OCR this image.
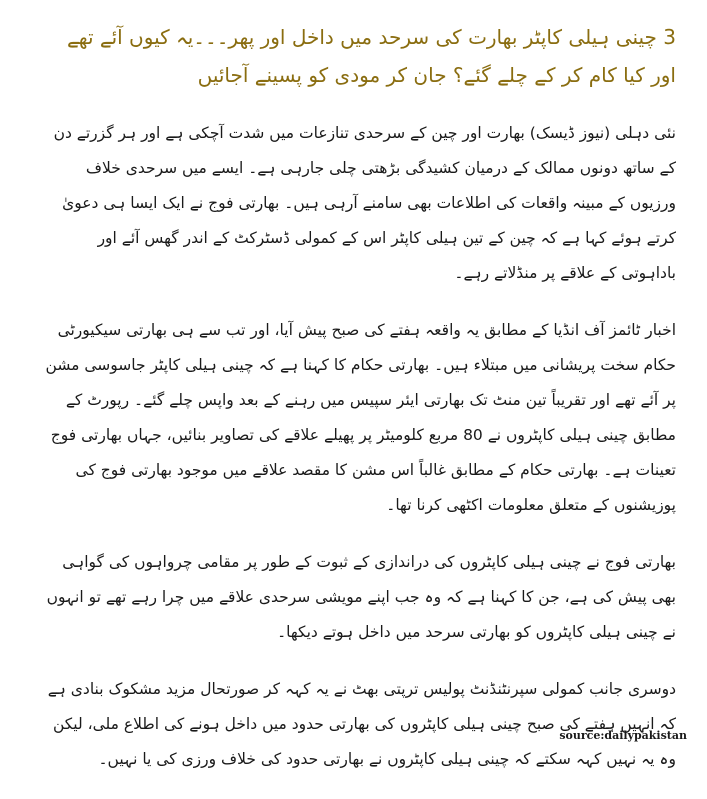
3 چینی ہیلی کاپٹر بھارت کی سرحد میں داخل اور پھر۔۔۔یہ کیوں آئے تھے اور کیا کام کر کے چلے گئے؟ جان کر مودی کو پسینے آجائیں

نئی دہلی (نیوز ڈیسک) بھارت اور چین کے سرحدی تنازعات میں شدت آچکی ہے اور ہر گزرتے دن کے ساتھ دونوں ممالک کے درمیان کشیدگی بڑھتی چلی جارہی ہے۔ ایسے میں سرحدی خلاف ورزیوں کے مبینہ واقعات کی اطلاعات بھی سامنے آرہی ہیں۔ بھارتی فوج نے ایک ایسا ہی دعویٰ کرتے ہوئے کہا ہے کہ چین کے تین ہیلی کاپٹر اس کے کمولی ڈسٹرکٹ کے اندر گھس آئے اور باداہوتی کے علاقے پر منڈلاتے رہے۔

اخبار ٹائمز آف انڈیا کے مطابق یہ واقعہ ہفتے کی صبح پیش آیا، اور تب سے ہی بھارتی سیکیورٹی حکام سخت پریشانی میں مبتلاء ہیں۔ بھارتی حکام کا کہنا ہے کہ چینی ہیلی کاپٹر جاسوسی مشن پر آئے تھے اور تقریباً تین منٹ تک بھارتی ایئر سپیس میں رہنے کے بعد واپس چلے گئے۔ رپورٹ کے مطابق چینی ہیلی کاپٹروں نے 80 مربع کلومیٹر پر پھیلے علاقے کی تصاویر بنائیں، جہاں بھارتی فوج تعینات ہے۔ بھارتی حکام کے مطابق غالباً اس مشن کا مقصد علاقے میں موجود بھارتی فوج کی پوزیشنوں کے متعلق معلومات اکٹھی کرنا تھا۔

بھارتی فوج نے چینی ہیلی کاپٹروں کی دراندازی کے ثبوت کے طور پر مقامی چرواہوں کی گواہی بھی پیش کی ہے، جن کا کہنا ہے کہ وہ جب اپنے مویشی سرحدی علاقے میں چرا رہے تھے تو انہوں نے چینی ہیلی کاپٹروں کو بھارتی سرحد میں داخل ہوتے دیکھا۔

دوسری جانب کمولی سپرنٹنڈنٹ پولیس ترپتی بھٹ نے یہ کہہ کر صورتحال مزید مشکوک بنادی ہے کہ انہیں ہفتے کی صبح چینی ہیلی کاپٹروں کی بھارتی حدود میں داخل ہونے کی اطلاع ملی، لیکن وہ یہ نہیں کہہ سکتے کہ چینی ہیلی کاپٹروں نے بھارتی حدود کی خلاف ورزی کی یا نہیں۔

source:dailypakistan
